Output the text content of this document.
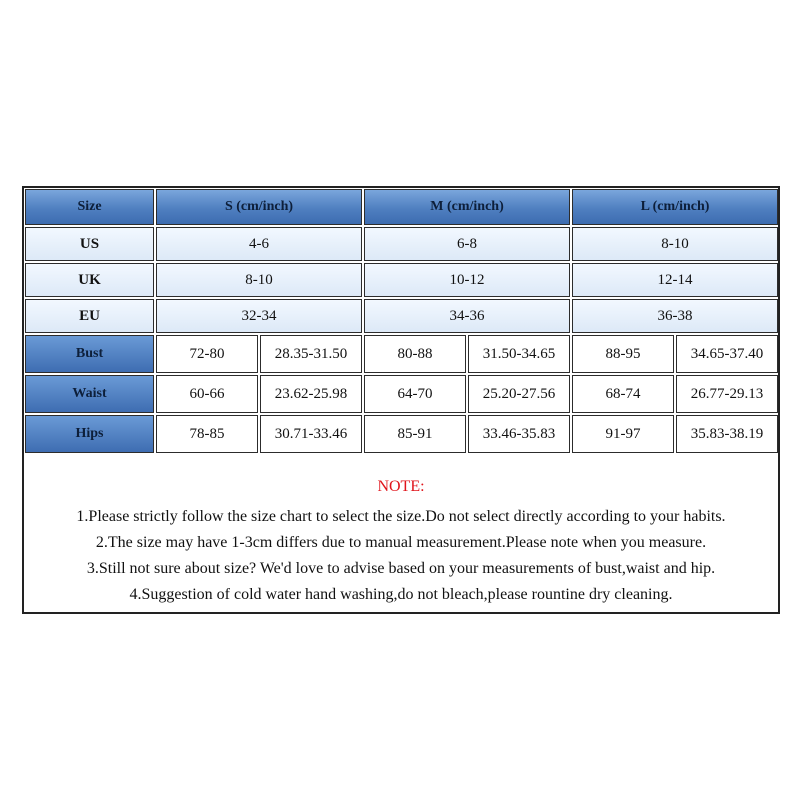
Size	S (cm/inch)	M (cm/inch)	L (cm/inch)
US	4-6	6-8	8-10
UK	8-10	10-12	12-14
EU	32-34	34-36	36-38
Bust	72-80	28.35-31.50	80-88	31.50-34.65	88-95	34.65-37.40
Waist	60-66	23.62-25.98	64-70	25.20-27.56	68-74	26.77-29.13
Hips	78-85	30.71-33.46	85-91	33.46-35.83	91-97	35.83-38.19

NOTE:

1.Please strictly follow the size chart to select the size.Do not select directly according to your habits.

2.The size may have 1-3cm differs due to manual measurement.Please note when you measure.

3.Still not sure about size? We'd love to advise based on your measurements of bust,waist and hip.

4.Suggestion of cold water hand washing,do not bleach,please rountine dry cleaning.
